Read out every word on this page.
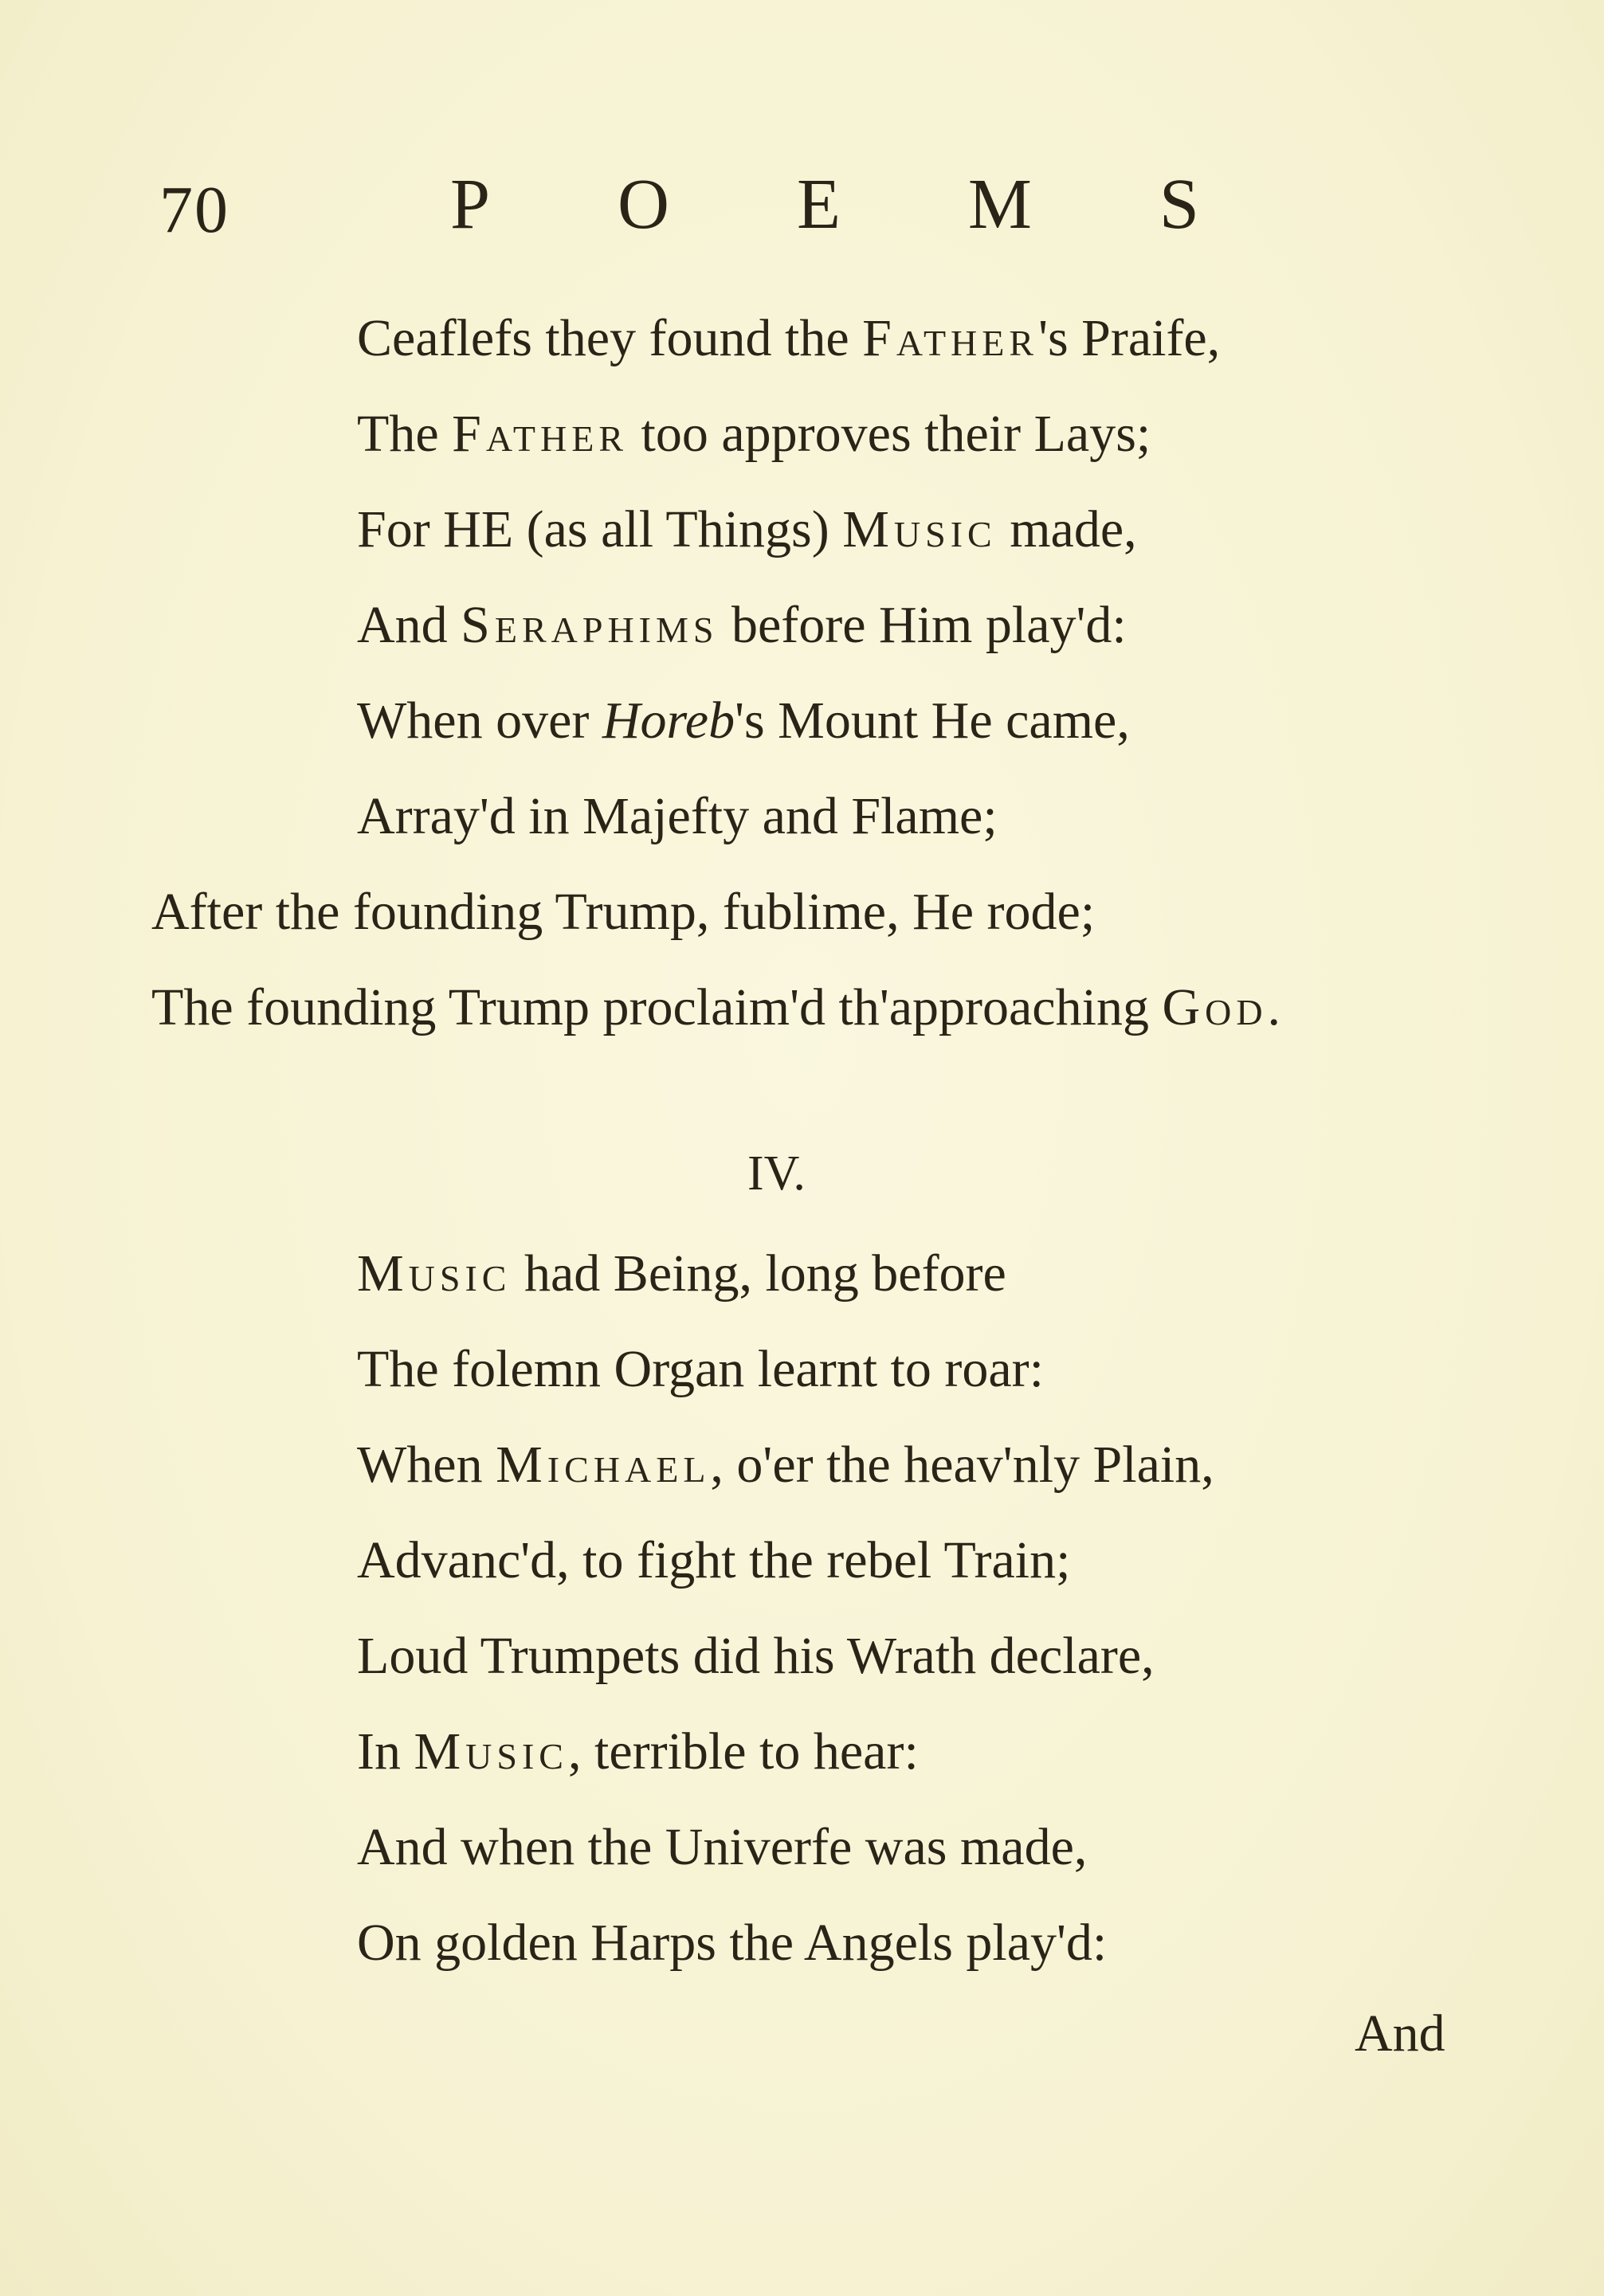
70	P O E M S
Ceaflefs they found the Father's Praife,
The Father too approves their Lays;
For HE (as all Things) Music made,
And Seraphims before Him play'd:
When over Horeb's Mount He came,
Array'd in Majefty and Flame;
After the founding Trump, fublime, He rode;
The founding Trump proclaim'd th'approaching God.
IV.
Music had Being, long before
The folemn Organ learnt to roar:
When Michael, o'er the heav'nly Plain,
Advanc'd, to fight the rebel Train;
Loud Trumpets did his Wrath declare,
In Music, terrible to hear:
And when the Univerfe was made,
On golden Harps the Angels play'd:
And
